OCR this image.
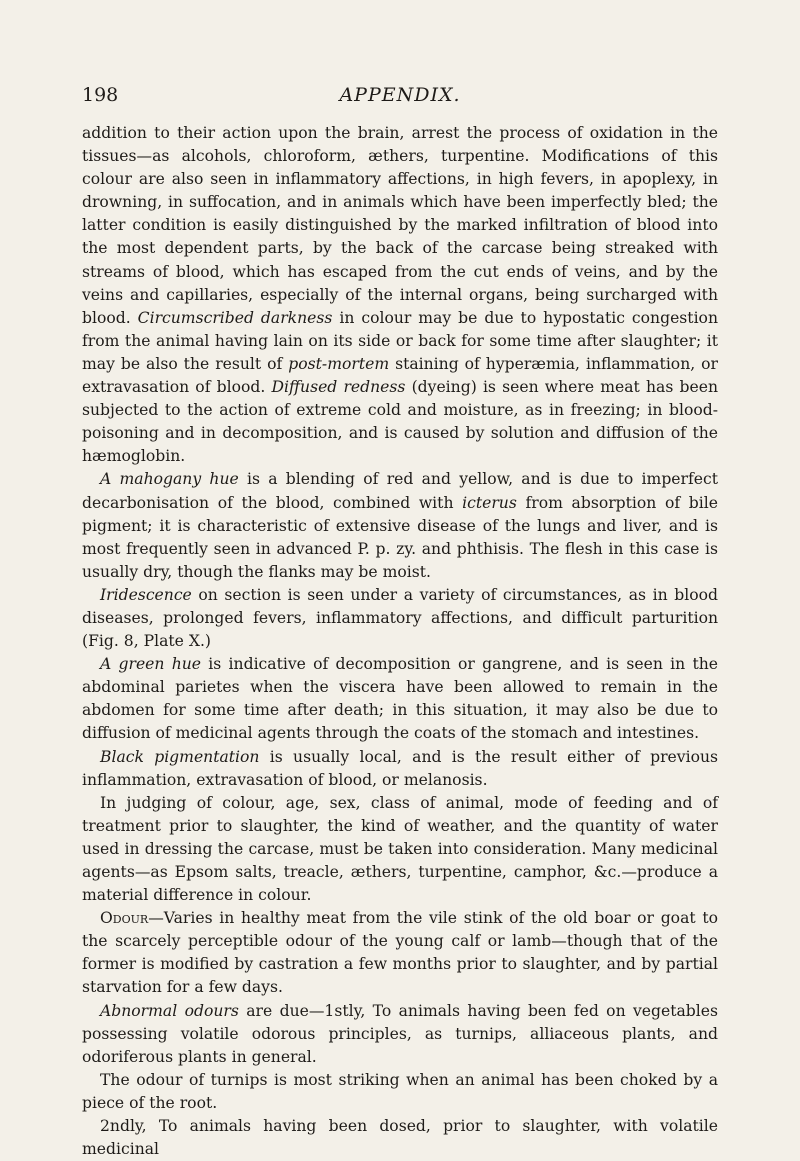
198	APPENDIX.

addition to their action upon the brain, arrest the process of oxidation in the tissues—as alcohols, chloroform, æthers, turpentine. Modifications of this colour are also seen in inflammatory affections, in high fevers, in apoplexy, in drowning, in suffocation, and in animals which have been imperfectly bled; the latter condition is easily distinguished by the marked infiltration of blood into the most dependent parts, by the back of the carcase being streaked with streams of blood, which has escaped from the cut ends of veins, and by the veins and capillaries, especially of the internal organs, being surcharged with blood. Circumscribed darkness in colour may be due to hypostatic congestion from the animal having lain on its side or back for some time after slaughter; it may be also the result of post-mortem staining of hyperæmia, inflammation, or extravasation of blood. Diffused redness (dyeing) is seen where meat has been subjected to the action of extreme cold and moisture, as in freezing; in blood-poisoning and in decomposition, and is caused by solution and diffusion of the hæmoglobin.

A mahogany hue is a blending of red and yellow, and is due to imperfect decarbonisation of the blood, combined with icterus from absorption of bile pigment; it is characteristic of extensive disease of the lungs and liver, and is most frequently seen in advanced P. p. zy. and phthisis. The flesh in this case is usually dry, though the flanks may be moist.

Iridescence on section is seen under a variety of circumstances, as in blood diseases, prolonged fevers, inflammatory affections, and difficult parturition (Fig. 8, Plate X.)

A green hue is indicative of decomposition or gangrene, and is seen in the abdominal parietes when the viscera have been allowed to remain in the abdomen for some time after death; in this situation, it may also be due to diffusion of medicinal agents through the coats of the stomach and intestines.

Black pigmentation is usually local, and is the result either of previous inflammation, extravasation of blood, or melanosis.

In judging of colour, age, sex, class of animal, mode of feeding and of treatment prior to slaughter, the kind of weather, and the quantity of water used in dressing the carcase, must be taken into consideration. Many medicinal agents—as Epsom salts, treacle, æthers, turpentine, camphor, &c.—produce a material difference in colour.

Odour—Varies in healthy meat from the vile stink of the old boar or goat to the scarcely perceptible odour of the young calf or lamb—though that of the former is modified by castration a few months prior to slaughter, and by partial starvation for a few days.

Abnormal odours are due—1stly, To animals having been fed on vegetables possessing volatile odorous principles, as turnips, alliaceous plants, and odoriferous plants in general.

The odour of turnips is most striking when an animal has been choked by a piece of the root.

2ndly, To animals having been dosed, prior to slaughter, with volatile medicinal
